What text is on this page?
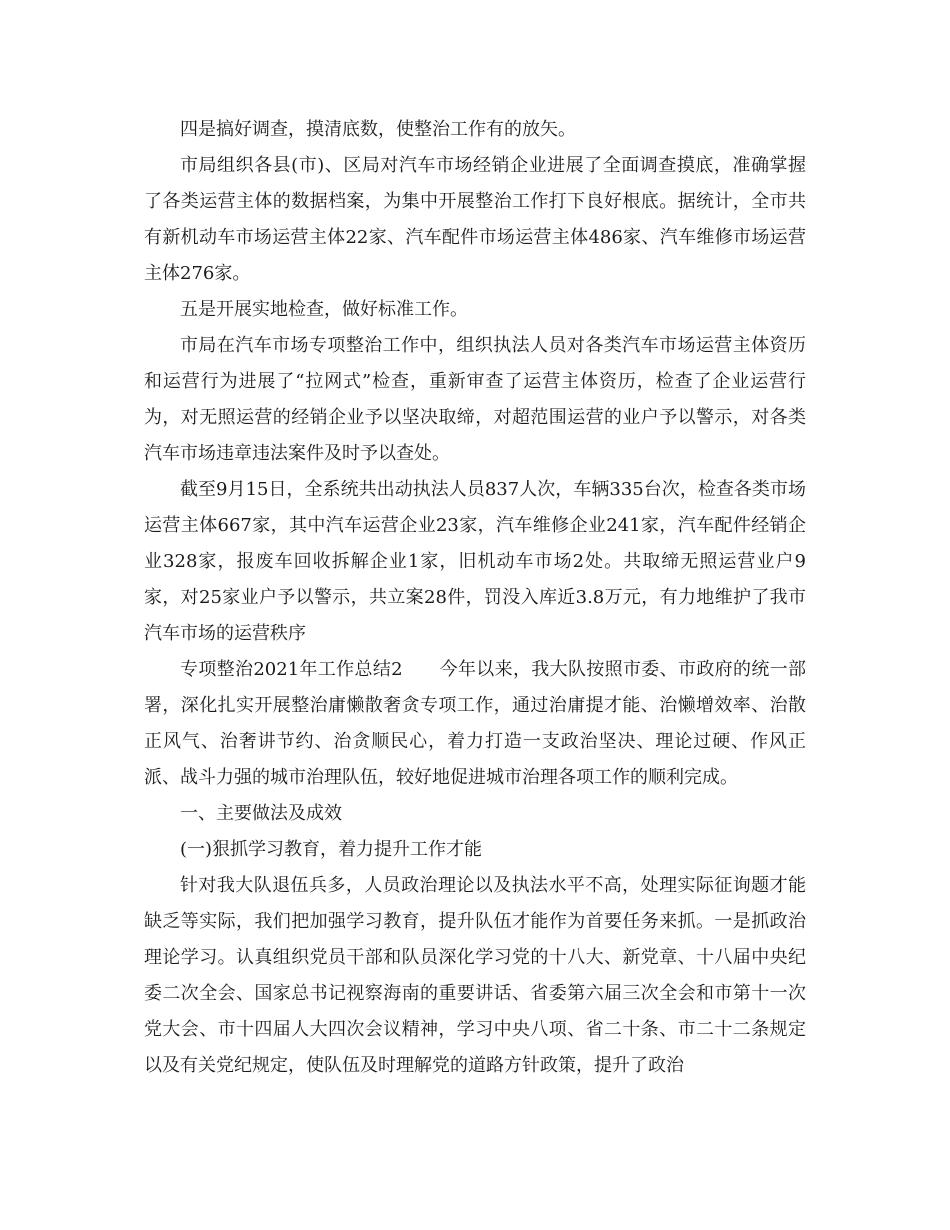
四是搞好调查，摸清底数，使整治工作有的放矢。

市局组织各县(市)、区局对汽车市场经销企业进展了全面调查摸底，准确掌握了各类运营主体的数据档案，为集中开展整治工作打下良好根底。据统计，全市共有新机动车市场运营主体22家、汽车配件市场运营主体486家、汽车维修市场运营主体276家。

五是开展实地检查，做好标准工作。

市局在汽车市场专项整治工作中，组织执法人员对各类汽车市场运营主体资历和运营行为进展了“拉网式”检查，重新审查了运营主体资历，检查了企业运营行为，对无照运营的经销企业予以坚决取缔，对超范围运营的业户予以警示，对各类汽车市场违章违法案件及时予以查处。

截至9月15日，全系统共出动执法人员837人次，车辆335台次，检查各类市场运营主体667家，其中汽车运营企业23家，汽车维修企业241家，汽车配件经销企业328家，报废车回收拆解企业1家，旧机动车市场2处。共取缔无照运营业户9家，对25家业户予以警示，共立案28件，罚没入库近3.8万元，有力地维护了我市汽车市场的运营秩序

专项整治2021年工作总结2　　今年以来，我大队按照市委、市政府的统一部署，深化扎实开展整治庸懒散奢贪专项工作，通过治庸提才能、治懒增效率、治散正风气、治奢讲节约、治贪顺民心，着力打造一支政治坚决、理论过硬、作风正派、战斗力强的城市治理队伍，较好地促进城市治理各项工作的顺利完成。

一、主要做法及成效

(一)狠抓学习教育，着力提升工作才能

针对我大队退伍兵多，人员政治理论以及执法水平不高，处理实际征询题才能缺乏等实际，我们把加强学习教育，提升队伍才能作为首要任务来抓。一是抓政治理论学习。认真组织党员干部和队员深化学习党的十八大、新党章、十八届中央纪委二次全会、国家总书记视察海南的重要讲话、省委第六届三次全会和市第十一次党大会、市十四届人大四次会议精神，学习中央八项、省二十条、市二十二条规定以及有关党纪规定，使队伍及时理解党的道路方针政策，提升了政治
